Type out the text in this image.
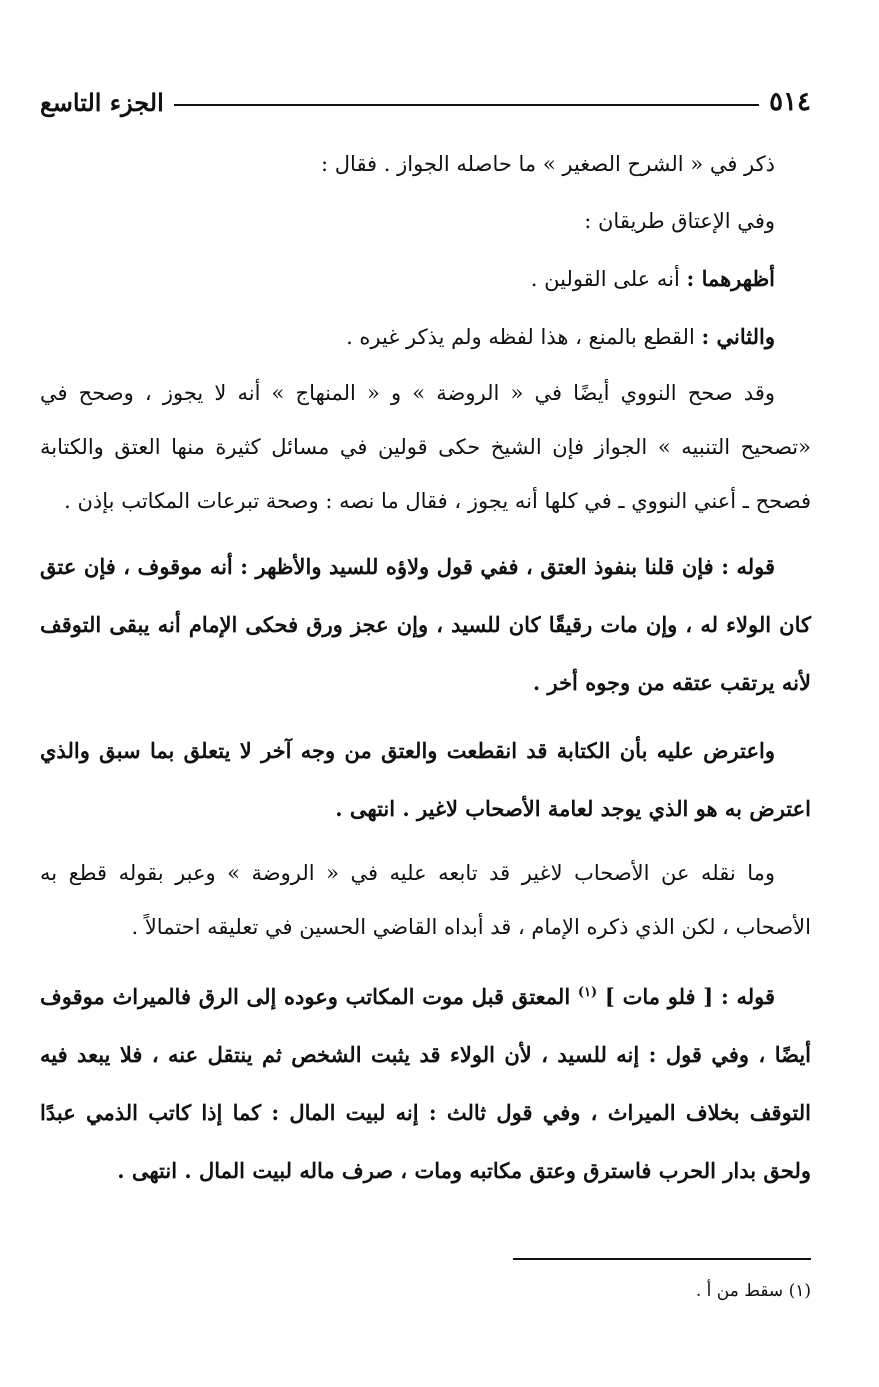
٥١٤
الجزء التاسع

ذكر في « الشرح الصغير » ما حاصله الجواز . فقال :

وفي الإعتاق طريقان :

أظهرهما : أنه على القولين .

والثاني : القطع بالمنع ، هذا لفظه ولم يذكر غيره .

وقد صحح النووي أيضًا في « الروضة » و « المنهاج » أنه لا يجوز ، وصحح في «تصحيح التنبيه » الجواز فإن الشيخ حكى قولين في مسائل كثيرة منها العتق والكتابة فصحح ـ أعني النووي ـ في كلها أنه يجوز ، فقال ما نصه : وصحة تبرعات المكاتب بإذن .

قوله : فإن قلنا بنفوذ العتق ، ففي قول ولاؤه للسيد والأظهر : أنه موقوف ، فإن عتق كان الولاء له ، وإن مات رقيقًا كان للسيد ، وإن عجز ورق فحكى الإمام أنه يبقى التوقف لأنه يرتقب عتقه من وجوه أخر .

واعترض عليه بأن الكتابة قد انقطعت والعتق من وجه آخر لا يتعلق بما سبق والذي اعترض به هو الذي يوجد لعامة الأصحاب لاغير . انتهى .

وما نقله عن الأصحاب لاغير قد تابعه عليه في « الروضة » وعبر بقوله قطع به الأصحاب ، لكن الذي ذكره الإمام ، قد أبداه القاضي الحسين في تعليقه احتمالاً .

قوله : [ فلو مات ] $^{(١)}$ المعتق قبل موت المكاتب وعوده إلى الرق فالميراث موقوف أيضًا ، وفي قول : إنه للسيد ، لأن الولاء قد يثبت الشخص ثم ينتقل عنه ، فلا يبعد فيه التوقف بخلاف الميراث ، وفي قول ثالث : إنه لبيت المال : كما إذا كاتب الذمي عبدًا ولحق بدار الحرب فاسترق وعتق مكاتبه ومات ، صرف ماله لبيت المال . انتهى .

(١) سقط من أ .
